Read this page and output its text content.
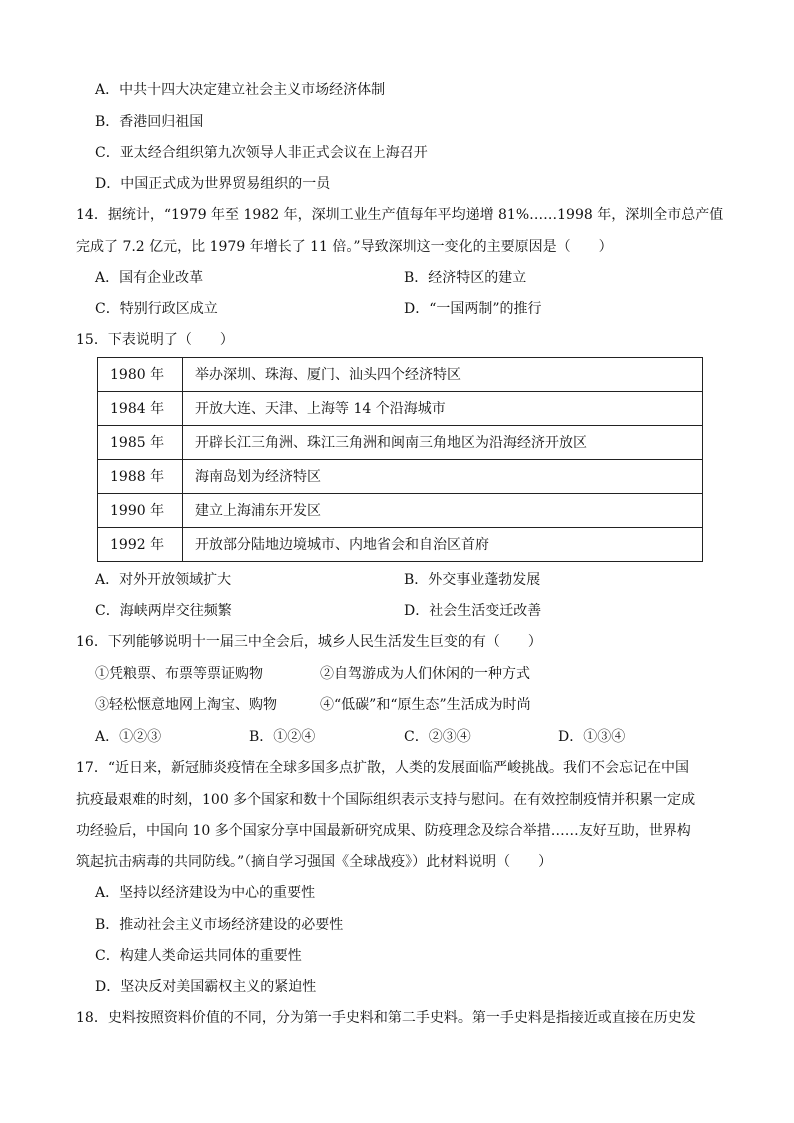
A．中共十四大决定建立社会主义市场经济体制
B．香港回归祖国
C．亚太经合组织第九次领导人非正式会议在上海召开
D．中国正式成为世界贸易组织的一员
14．据统计，“1979 年至 1982 年，深圳工业生产值每年平均递增 81%……1998 年，深圳全市总产值
完成了 7.2 亿元，比 1979 年增长了 11 倍。”导致深圳这一变化的主要原因是（　　）
A．国有企业改革	B．经济特区的建立
C．特别行政区成立	D．“一国两制”的推行
15．下表说明了（　　）
1980 年	举办深圳、珠海、厦门、汕头四个经济特区
1984 年	开放大连、天津、上海等 14 个沿海城市
1985 年	开辟长江三角洲、珠江三角洲和闽南三角地区为沿海经济开放区
1988 年	海南岛划为经济特区
1990 年	建立上海浦东开发区
1992 年	开放部分陆地边境城市、内地省会和自治区首府
A．对外开放领域扩大	B．外交事业蓬勃发展
C．海峡两岸交往频繁	D．社会生活变迁改善
16．下列能够说明十一届三中全会后，城乡人民生活发生巨变的有（　　）
①凭粮票、布票等票证购物	②自驾游成为人们休闲的一种方式
③轻松惬意地网上淘宝、购物	④“低碳”和“原生态”生活成为时尚
A．①②③	B．①②④	C．②③④	D．①③④
17．“近日来，新冠肺炎疫情在全球多国多点扩散，人类的发展面临严峻挑战。我们不会忘记在中国
抗疫最艰难的时刻，100 多个国家和数十个国际组织表示支持与慰问。在有效控制疫情并积累一定成
功经验后，中国向 10 多个国家分享中国最新研究成果、防疫理念及综合举措……友好互助，世界构
筑起抗击病毒的共同防线。”（摘自学习强国《全球战疫》）此材料说明（　　）
A．坚持以经济建设为中心的重要性
B．推动社会主义市场经济建设的必要性
C．构建人类命运共同体的重要性
D．坚决反对美国霸权主义的紧迫性
18．史料按照资料价值的不同，分为第一手史料和第二手史料。第一手史料是指接近或直接在历史发
